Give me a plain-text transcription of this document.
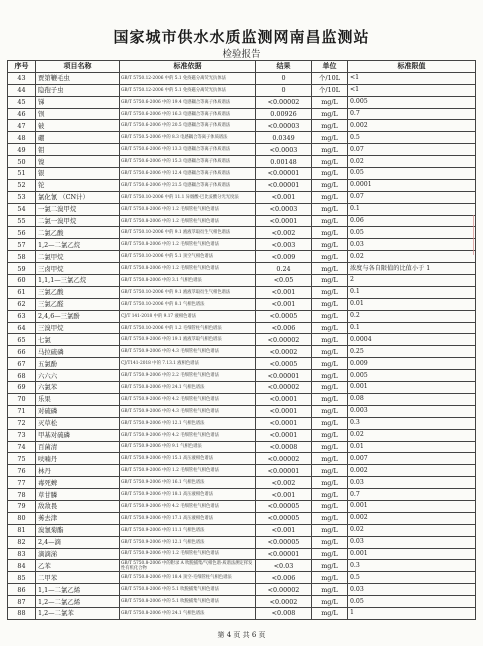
国家城市供水水质监测网南昌监测站
检验报告
序号	项目名称	标准依据	结果	单位	标准限值
43	贾第鞭毛虫	GB/T 5750.12-2006 中的 5.1 免疫磁分离荧光抗体法	0	个/10L	<1
44	隐孢子虫	GB/T 5750.12-2006 中的 5.1 免疫磁分离荧光抗体法	0	个/10L	<1
45	锑	GB/T 5750.6-2006 中的 19.4 电感耦合等离子体质谱法	<0.00002	mg/L	0.005
46	钡	GB/T 5750.6-2006 中的 16.3 电感耦合等离子体质谱法	0.00926	mg/L	0.7
47	铍	GB/T 5750.6-2006 中的 20.5 电感耦合等离子体质谱法	<0.00003	mg/L	0.002
48	硼	GB/T 5750.5-2006 中的 8.3 电感耦合等离子体质谱法	0.0349	mg/L	0.5
49	钼	GB/T 5750.6-2006 中的 13.3 电感耦合等离子体质谱法	<0.0003	mg/L	0.07
50	镍	GB/T 5750.6-2006 中的 15.3 电感耦合等离子体质谱法	0.00148	mg/L	0.02
51	银	GB/T 5750.6-2006 中的 12.4 电感耦合等离子体质谱法	<0.00001	mg/L	0.05
52	铊	GB/T 5750.6-2006 中的 21.5 电感耦合等离子体质谱法	<0.00001	mg/L	0.0001
53	氯化氰 （CN计）	GB/T 5750.10-2006 中的 11.1 异烟酸-巴比妥酸分光光度法	<0.001	mg/L	0.07
54	一氯二溴甲烷	GB/T 5750.8-2006 中的 1.2 毛细管柱气相色谱法	<0.0003	mg/L	0.1
55	二氯一溴甲烷	GB/T 5750.8-2006 中的 1.2 毛细管柱气相色谱法	<0.0001	mg/L	0.06
56	二氯乙酸	GB/T 5750.10-2006 中的 9.1 液液萃取衍生气相色谱法	<0.002	mg/L	0.05
57	1,2—二氯乙烷	GB/T 5750.8-2006 中的 1.2 毛细管柱气相色谱法	<0.003	mg/L	0.03
58	二氯甲烷	GB/T 5750.10-2006 中的 5.1 顶空气相色谱法	<0.009	mg/L	0.02
59	三卤甲烷	GB/T 5750.8-2006 中的 1.2 毛细管柱气相色谱法	0.24	mg/L	浓度与各自限值的比值小于 1
60	1,1,1—三氯乙烷	GB/T 5750.8-2006 中的 3.1 气相色谱法	<0.05	mg/L	2
61	三氯乙酸	GB/T 5750.10-2006 中的 9.1 液液萃取衍生气相色谱法	<0.001	mg/L	0.1
62	三氯乙醛	GB/T 5750.10-2006 中的 8.1 气相色谱法	<0.001	mg/L	0.01
63	2,4,6—三氯酚	CJ/T 141-2018 中的 9.17 液相色谱法	<0.0005	mg/L	0.2
64	三溴甲烷	GB/T 5750.10-2006 中的 1.2 毛细管柱气相色谱法	<0.006	mg/L	0.1
65	七氯	GB/T 5750.9-2006 中的 19.1 液液萃取气相色谱法	<0.00002	mg/L	0.0004
66	马拉硫磷	GB/T 5750.9-2006 中的 4.3 毛细管柱气相色谱法	<0.0002	mg/L	0.25
67	五氯酚	CJ/T141-2018 中的 7.13.1 液相色谱法	<0.0005	mg/L	0.009
68	六六六	GB/T 5750.9-2006 中的 2.2 毛细管柱气相色谱法	<0.00001	mg/L	0.005
69	六氯苯	GB/T 5750.8-2006 中的 24.1 气相色谱法	<0.00002	mg/L	0.001
70	乐果	GB/T 5750.9-2006 中的 4.2 毛细管柱气相色谱法	<0.0001	mg/L	0.08
71	对硫磷	GB/T 5750.9-2006 中的 4.3 毛细管柱气相色谱法	<0.0001	mg/L	0.003
72	灭草松	GB/T 5750.9-2006 中的 12.1 气相色谱法	<0.0001	mg/L	0.3
73	甲基对硫磷	GB/T 5750.9-2006 中的 4.2 毛细管柱气相色谱法	<0.0001	mg/L	0.02
74	百菌清	GB/T 5750.9-2006 中的 9.1 气相色谱法	<0.0008	mg/L	0.01
75	呋喃丹	GB/T 5750.9-2006 中的 15.1 高压液相色谱法	<0.00002	mg/L	0.007
76	林丹	GB/T 5750.9-2006 中的 1.2 毛细管柱气相色谱法	<0.00001	mg/L	0.002
77	毒死蜱	GB/T 5750.9-2006 中的 16.1 气相色谱法	<0.002	mg/L	0.03
78	草甘膦	GB/T 5750.9-2006 中的 18.1 高压液相色谱法	<0.001	mg/L	0.7
79	敌敌畏	GB/T 5750.9-2006 中的 4.2 毛细管柱气相色谱法	<0.00005	mg/L	0.001
80	莠去津	GB/T 5750.9-2006 中的 17.1 高压液相色谱法	<0.00005	mg/L	0.002
81	溴氰菊酯	GB/T 5750.9-2006 中的 11.1 气相色谱法	<0.001	mg/L	0.02
82	2,4—滴	GB/T 5750.9-2006 中的 12.1 气相色谱法	<0.00005	mg/L	0.03
83	滴滴涕	GB/T 5750.9-2006 中的 1.2 毛细管柱气相色谱法	<0.00001	mg/L	0.001
84	乙苯	GB/T 5750.8-2006 中的附录 A 吹脱捕集/气相色谱-质谱法测定挥发性有机化合物	<0.03	mg/L	0.3
85	二甲苯	GB/T 5750.8-2006 中的 18.4 顶空-毛细管柱气相色谱法	<0.006	mg/L	0.5
86	1,1—二氯乙烯	GB/T 5750.8-2006 中的 5.1 吹脱捕集气相色谱法	<0.00002	mg/L	0.03
87	1,2—二氯乙烯	GB/T 5750.8-2006 中的 5.1 吹脱捕集气相色谱法	<0.0002	mg/L	0.05
88	1,2—二氯苯	GB/T 5750.8-2006 中的 24.1 气相色谱法	<0.008	mg/L	1
第 4 页 共 6 页
